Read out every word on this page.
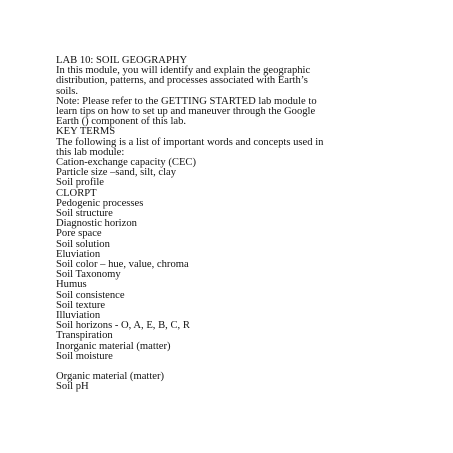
LAB 10: SOIL GEOGRAPHY
In this module, you will identify and explain the geographic
distribution, patterns, and processes associated with Earth’s
soils.
Note: Please refer to the GETTING STARTED lab module to
learn tips on how to set up and maneuver through the Google
Earth () component of this lab.
KEY TERMS
The following is a list of important words and concepts used in
this lab module:
Cation-exchange capacity (CEC)
Particle size –sand, silt, clay
Soil profile
CLORPT
Pedogenic processes
Soil structure
Diagnostic horizon
Pore space
Soil solution
Eluviation
Soil color – hue, value, chroma
Soil Taxonomy
Humus
Soil consistence
Soil texture
Illuviation
Soil horizons - O, A, E, B, C, R
Transpiration
Inorganic material (matter)
Soil moisture
Organic material (matter)
Soil pH
